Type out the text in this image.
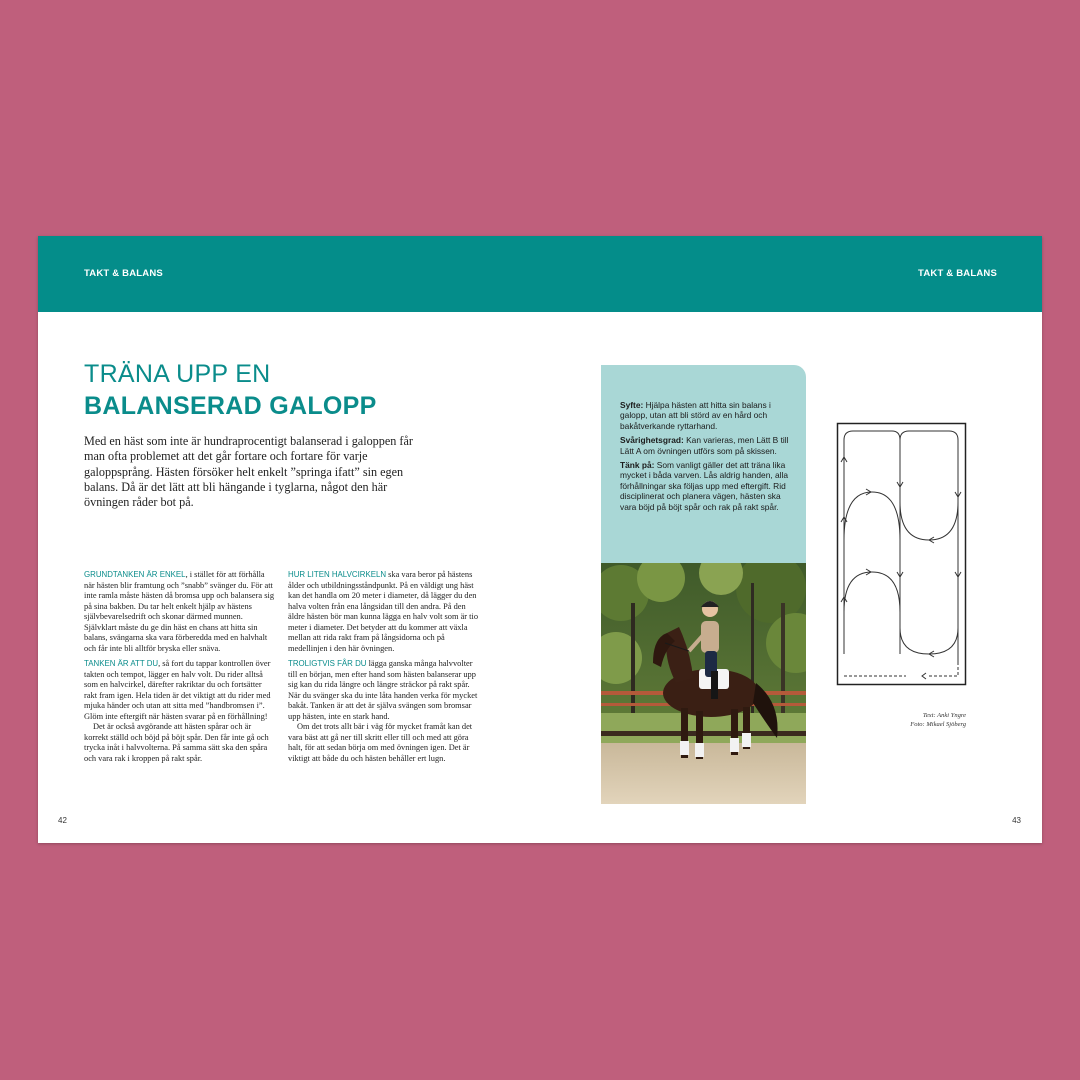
TAKT & BALANS	TAKT & BALANS
TRÄNA UPP EN
BALANSERAD GALOPP

Med en häst som inte är hundraprocentigt balanserad i galoppen får man ofta problemet att det går fortare och fortare för varje galoppsprång. Hästen försöker helt enkelt ”springa ifatt” sin egen balans. Då är det lätt att bli hängande i tyglarna, något den här övningen råder bot på.

GRUNDTANKEN ÄR ENKEL, i stället för att förhålla när hästen blir framtung och ”snabb” svänger du. För att inte ramla måste hästen då bromsa upp och balansera sig på sina bakben. Du tar helt enkelt hjälp av hästens självbevarelsedrift och skonar därmed munnen. Självklart måste du ge din häst en chans att hitta sin balans, svängarna ska vara förberedda med en halvhalt och får inte bli alltför bryska eller snäva.

TANKEN ÄR ATT DU, så fort du tappar kontrollen över takten och tempot, lägger en halv volt. Du rider alltså som en halvcirkel, därefter rakriktar du och fortsätter rakt fram igen. Hela tiden är det viktigt att du rider med mjuka händer och utan att sitta med ”handbromsen i”. Glöm inte eftergift när hästen svarar på en förhållning!

Det är också avgörande att hästen spårar och är korrekt ställd och böjd på böjt spår. Den får inte gå och trycka inåt i halvvolterna. På samma sätt ska den spåra och vara rak i kroppen på rakt spår.

HUR LITEN HALVCIRKELN ska vara beror på hästens ålder och utbildningsståndpunkt. På en väldigt ung häst kan det handla om 20 meter i diameter, då lägger du den halva volten från ena långsidan till den andra. På den äldre hästen bör man kunna lägga en halv volt som är tio meter i diameter. Det betyder att du kommer att växla mellan att rida rakt fram på långsidorna och på medellinjen i den här övningen.

TROLIGTVIS FÅR DU lägga ganska många halvvolter till en början, men efter hand som hästen balanserar upp sig kan du rida längre och längre sträckor på rakt spår. När du svänger ska du inte låta handen verka för mycket bakåt. Tanken är att det är själva svängen som bromsar upp hästen, inte en stark hand.

Om det trots allt bär i väg för mycket framåt kan det vara bäst att gå ner till skritt eller till och med att göra halt, för att sedan börja om med övningen igen. Det är viktigt att både du och hästen behåller ert lugn.

Syfte: Hjälpa hästen att hitta sin balans i galopp, utan att bli störd av en hård och bakåtverkande ryttarhand.

Svårighetsgrad: Kan varieras, men Lätt B till Lätt A om övningen utförs som på skissen.

Tänk på: Som vanligt gäller det att träna lika mycket i båda varven. Lås aldrig handen, alla förhållningar ska följas upp med eftergift. Rid disciplinerat och planera vägen, hästen ska vara böjd på böjt spår och rak på rakt spår.

Text: Anki Yngre
Foto: Mikael Sjöberg
42	43
